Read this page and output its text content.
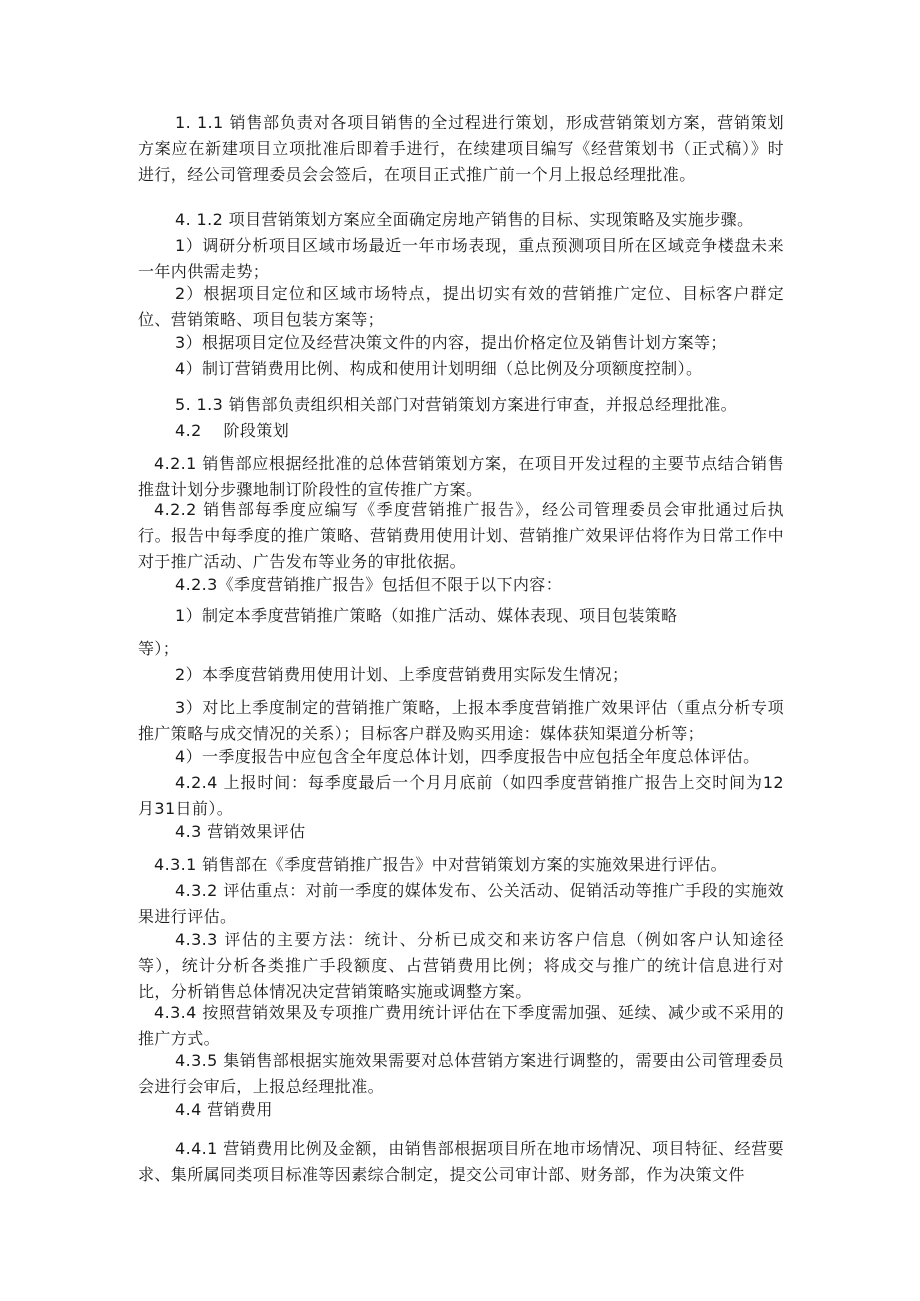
1. 1.1 销售部负责对各项目销售的全过程进行策划，形成营销策划方案，营销策划方案应在新建项目立项批准后即着手进行，在续建项目编写《经营策划书（正式稿）》时进行，经公司管理委员会会签后，在项目正式推广前一个月上报总经理批准。

4. 1.2 项目营销策划方案应全面确定房地产销售的目标、实现策略及实施步骤。

1）调研分析项目区域市场最近一年市场表现，重点预测项目所在区域竞争楼盘未来一年内供需走势；

2）根据项目定位和区域市场特点，提出切实有效的营销推广定位、目标客户群定位、营销策略、项目包装方案等；

3）根据项目定位及经营决策文件的内容，提出价格定位及销售计划方案等；

4）制订营销费用比例、构成和使用计划明细（总比例及分项额度控制）。

5. 1.3 销售部负责组织相关部门对营销策划方案进行审查，并报总经理批准。

4.2　 阶段策划

4.2.1 销售部应根据经批准的总体营销策划方案，在项目开发过程的主要节点结合销售推盘计划分步骤地制订阶段性的宣传推广方案。

4.2.2 销售部每季度应编写《季度营销推广报告》，经公司管理委员会审批通过后执行。报告中每季度的推广策略、营销费用使用计划、营销推广效果评估将作为日常工作中对于推广活动、广告发布等业务的审批依据。

4.2.3《季度营销推广报告》包括但不限于以下内容：

1）制定本季度营销推广策略（如推广活动、媒体表现、项目包装策略

等）；

2）本季度营销费用使用计划、上季度营销费用实际发生情况；

3）对比上季度制定的营销推广策略，上报本季度营销推广效果评估（重点分析专项推广策略与成交情况的关系）；目标客户群及购买用途：媒体获知渠道分析等；

4）一季度报告中应包含全年度总体计划，四季度报告中应包括全年度总体评估。

4.2.4 上报时间：每季度最后一个月月底前（如四季度营销推广报告上交时间为12月31日前）。

4.3 营销效果评估

4.3.1 销售部在《季度营销推广报告》中对营销策划方案的实施效果进行评估。

4.3.2 评估重点：对前一季度的媒体发布、公关活动、促销活动等推广手段的实施效果进行评估。

4.3.3 评估的主要方法：统计、分析已成交和来访客户信息（例如客户认知途径等），统计分析各类推广手段额度、占营销费用比例；将成交与推广的统计信息进行对比，分析销售总体情况决定营销策略实施或调整方案。

4.3.4 按照营销效果及专项推广费用统计评估在下季度需加强、延续、减少或不采用的推广方式。

4.3.5 集销售部根据实施效果需要对总体营销方案进行调整的，需要由公司管理委员会进行会审后，上报总经理批准。

4.4 营销费用

4.4.1 营销费用比例及金额，由销售部根据项目所在地市场情况、项目特征、经营要求、集所属同类项目标准等因素综合制定，提交公司审计部、财务部，作为决策文件
